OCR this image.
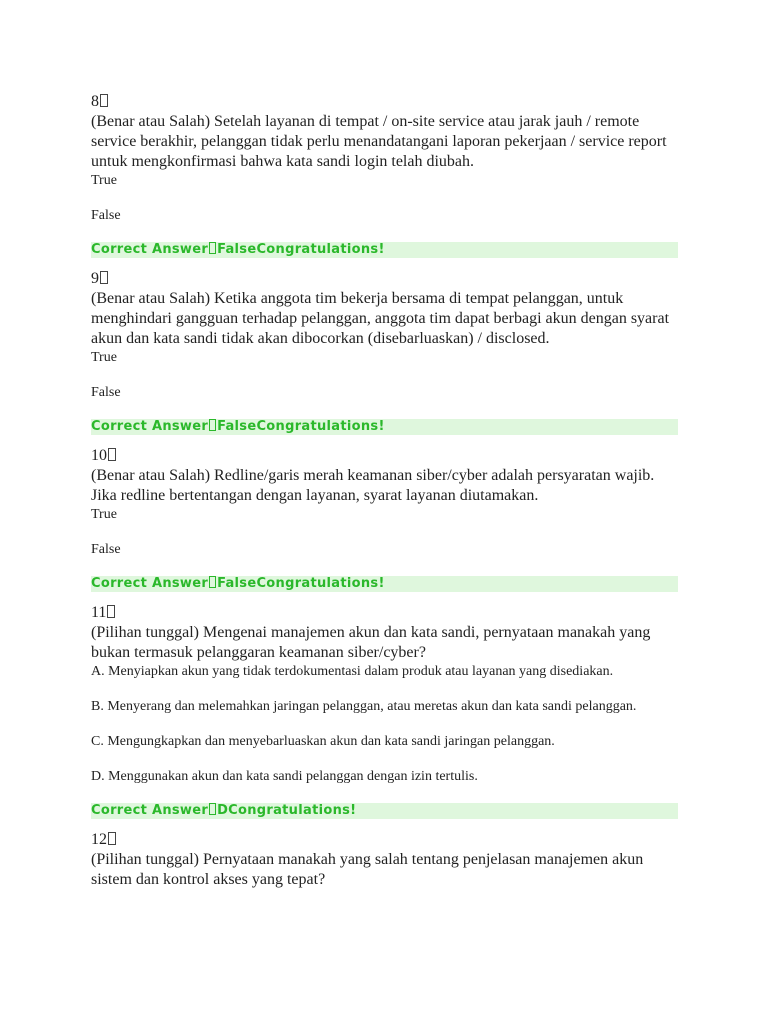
8

(Benar atau Salah) Setelah layanan di tempat / on-site service atau jarak jauh / remote service berakhir, pelanggan tidak perlu menandatangani laporan pekerjaan / service report untuk mengkonfirmasi bahwa kata sandi login telah diubah.

True

False

Correct Answer FalseCongratulations!

9

(Benar atau Salah) Ketika anggota tim bekerja bersama di tempat pelanggan, untuk menghindari gangguan terhadap pelanggan, anggota tim dapat berbagi akun dengan syarat akun dan kata sandi tidak akan dibocorkan (disebarluaskan) / disclosed.

True

False

Correct Answer FalseCongratulations!

10

(Benar atau Salah) Redline/garis merah keamanan siber/cyber adalah persyaratan wajib. Jika redline bertentangan dengan layanan, syarat layanan diutamakan.

True

False

Correct Answer FalseCongratulations!

11

(Pilihan tunggal) Mengenai manajemen akun dan kata sandi, pernyataan manakah yang bukan termasuk pelanggaran keamanan siber/cyber?

A. Menyiapkan akun yang tidak terdokumentasi dalam produk atau layanan yang disediakan.

B. Menyerang dan melemahkan jaringan pelanggan, atau meretas akun dan kata sandi pelanggan.

C. Mengungkapkan dan menyebarluaskan akun dan kata sandi jaringan pelanggan.

D. Menggunakan akun dan kata sandi pelanggan dengan izin tertulis.

Correct Answer DCongratulations!

12

(Pilihan tunggal) Pernyataan manakah yang salah tentang penjelasan manajemen akun sistem dan kontrol akses yang tepat?
